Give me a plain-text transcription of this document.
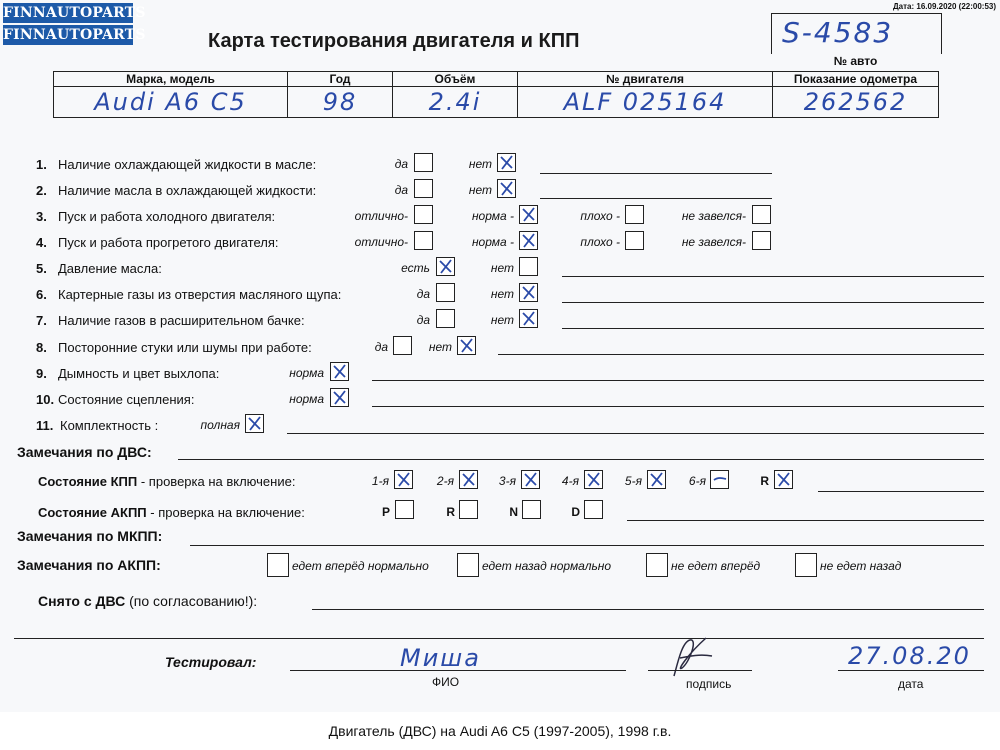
FINNAUTOPARTS
FINNAUTOPARTS
Дата: 16.09.2020 (22:00:53)
Карта тестирования двигателя и КПП	S-4583
№ авто
Марка, модель	Год	Объём	№ двигателя	Показание одометра
Audi A6 C5	98	2.4i	ALF 025164	262562
1. Наличие охлаждающей жидкости в масле:	да	нет
2. Наличие масла в охлаждающей жидкости:	да	нет
3. Пуск и работа холодного двигателя:	отлично-	норма -	плохо -	не завелся-
4. Пуск и работа прогретого двигателя:	отлично-	норма -	плохо -	не завелся-
5. Давление масла:	есть	нет
6. Картерные газы из отверстия масляного щупа:	да	нет
7. Наличие газов в расширительном бачке:	да	нет
8. Посторонние стуки или шумы при работе:	да	нет
9. Дымность и цвет выхлопа:	норма
10. Состояние сцепления:	норма
11. Комплектность :	полная
Замечания по ДВС:
Состояние КПП - проверка на включение:	1-я	2-я	3-я	4-я	5-я	6-я	R
Состояние АКПП - проверка на включение:	P	R	N	D
Замечания по МКПП:
Замечания по АКПП:	едет вперёд нормально	едет назад нормально	не едет вперёд	не едет назад
Снято с ДВС (по согласованию!):
Тестировал:	Миша
ФИО	подпись
27.08.20
дата
Двигатель (ДВС) на Audi A6 C5 (1997-2005), 1998 г.в.
